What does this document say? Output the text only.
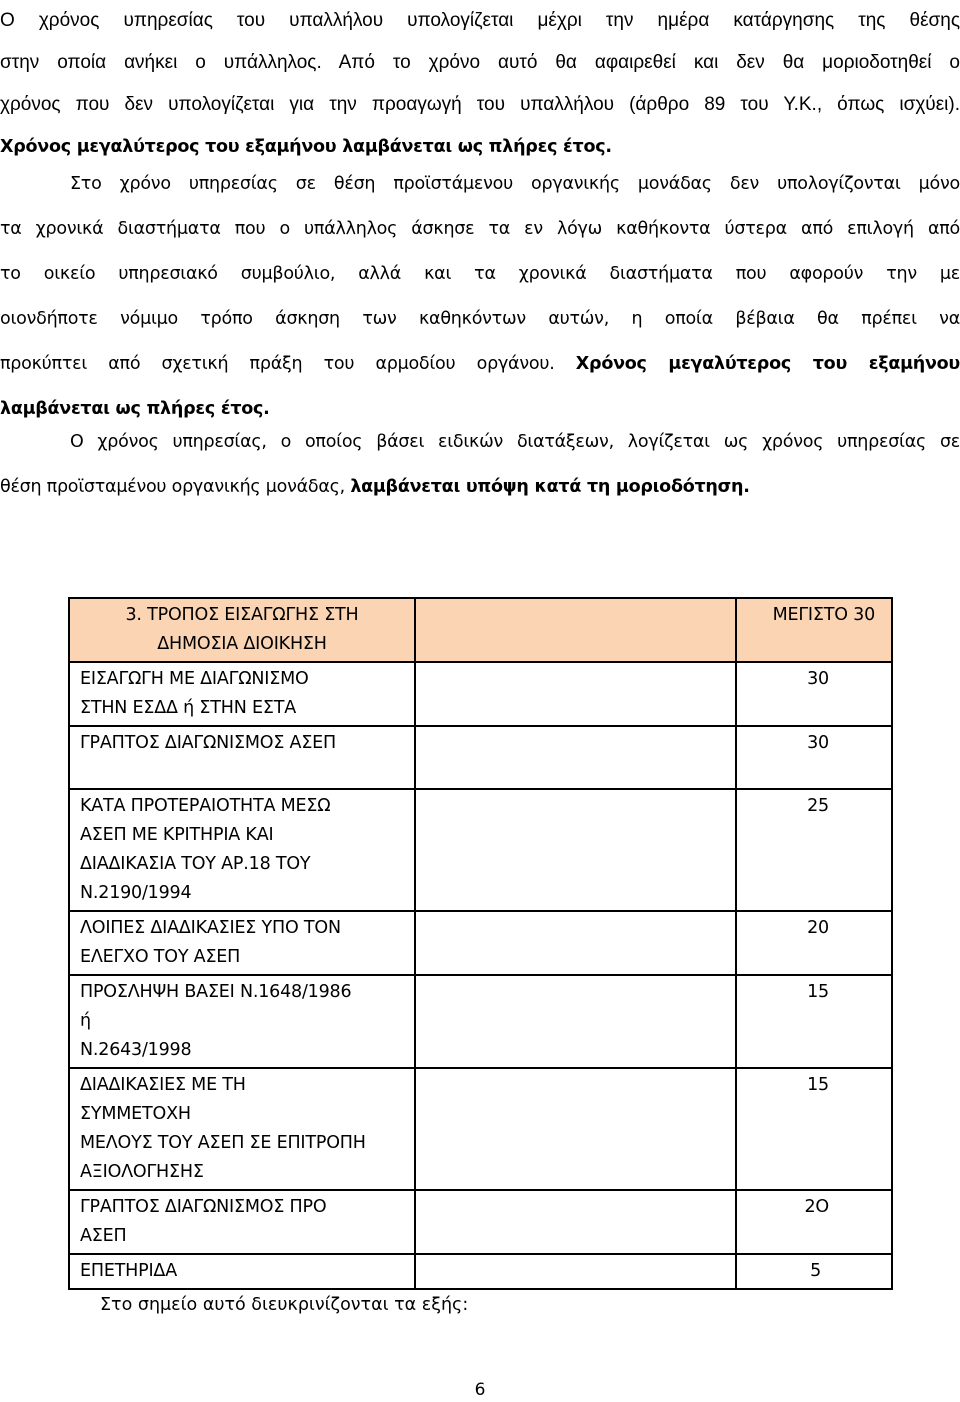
Ο χρόνος υπηρεσίας του υπαλλήλου υπολογίζεται μέχρι την ημέρα κατάργησης της θέσης
στην οποία ανήκει ο υπάλληλος. Από το χρόνο αυτό θα αφαιρεθεί και δεν θα μοριοδοτηθεί ο
χρόνος που δεν υπολογίζεται για την προαγωγή του υπαλλήλου (άρθρο 89 του Υ.Κ., όπως ισχύει).
Χρόνος μεγαλύτερος του εξαμήνου λαμβάνεται ως πλήρες έτος.
Στο χρόνο υπηρεσίας σε θέση προϊστάμενου οργανικής μονάδας δεν υπολογίζονται μόνο
τα χρονικά διαστήματα που ο υπάλληλος άσκησε τα εν λόγω καθήκοντα ύστερα από επιλογή από
το οικείο υπηρεσιακό συμβούλιο, αλλά και τα χρονικά διαστήματα που αφορούν την με
οιονδήποτε νόμιμο τρόπο άσκηση των καθηκόντων αυτών, η οποία βέβαια θα πρέπει να
προκύπτει από σχετική πράξη του αρμοδίου οργάνου. Χρόνος μεγαλύτερος του εξαμήνου
λαμβάνεται ως πλήρες έτος.
Ο χρόνος υπηρεσίας, ο οποίος βάσει ειδικών διατάξεων, λογίζεται ως χρόνος υπηρεσίας σε
θέση προϊσταμένου οργανικής μονάδας, λαμβάνεται υπόψη κατά τη μοριοδότηση.
3. ΤΡΟΠΟΣ ΕΙΣΑΓΩΓΗΣ ΣΤΗ
ΔΗΜΟΣΙΑ ΔΙΟΙΚΗΣΗ		ΜΕΓΙΣΤΟ 30

ΕΙΣΑΓΩΓΗ ΜΕ ΔΙΑΓΩΝΙΣΜΟ
ΣΤΗΝ ΕΣΔΔ ή ΣΤΗΝ ΕΣΤΑ		30

ΓΡΑΠΤΟΣ ΔΙΑΓΩΝΙΣΜΟΣ ΑΣΕΠ		30

ΚΑΤΑ ΠΡΟΤΕΡΑΙΟΤΗΤΑ ΜΕΣΩ
ΑΣΕΠ ΜΕ ΚΡΙΤΗΡΙΑ ΚΑΙ
ΔΙΑΔΙΚΑΣΙΑ ΤΟΥ ΑΡ.18 ΤΟΥ
Ν.2190/1994		25

ΛΟΙΠΕΣ ΔΙΑΔΙΚΑΣΙΕΣ ΥΠΟ ΤΟΝ
ΕΛΕΓΧΟ ΤΟΥ ΑΣΕΠ		20

ΠΡΟΣΛΗΨΗ ΒΑΣΕΙ Ν.1648/1986
ή
Ν.2643/1998		15

ΔΙΑΔΙΚΑΣΙΕΣ ΜΕ ΤΗ
ΣΥΜΜΕΤΟΧΗ
ΜΕΛΟΥΣ ΤΟΥ ΑΣΕΠ ΣΕ ΕΠΙΤΡΟΠΗ
ΑΞΙΟΛΟΓΗΣΗΣ		15

ΓΡΑΠΤΟΣ ΔΙΑΓΩΝΙΣΜΟΣ ΠΡΟ
ΑΣΕΠ		2Ο

ΕΠΕΤΗΡΙΔΑ		5
Στο σημείο αυτό διευκρινίζονται τα εξής:
6
